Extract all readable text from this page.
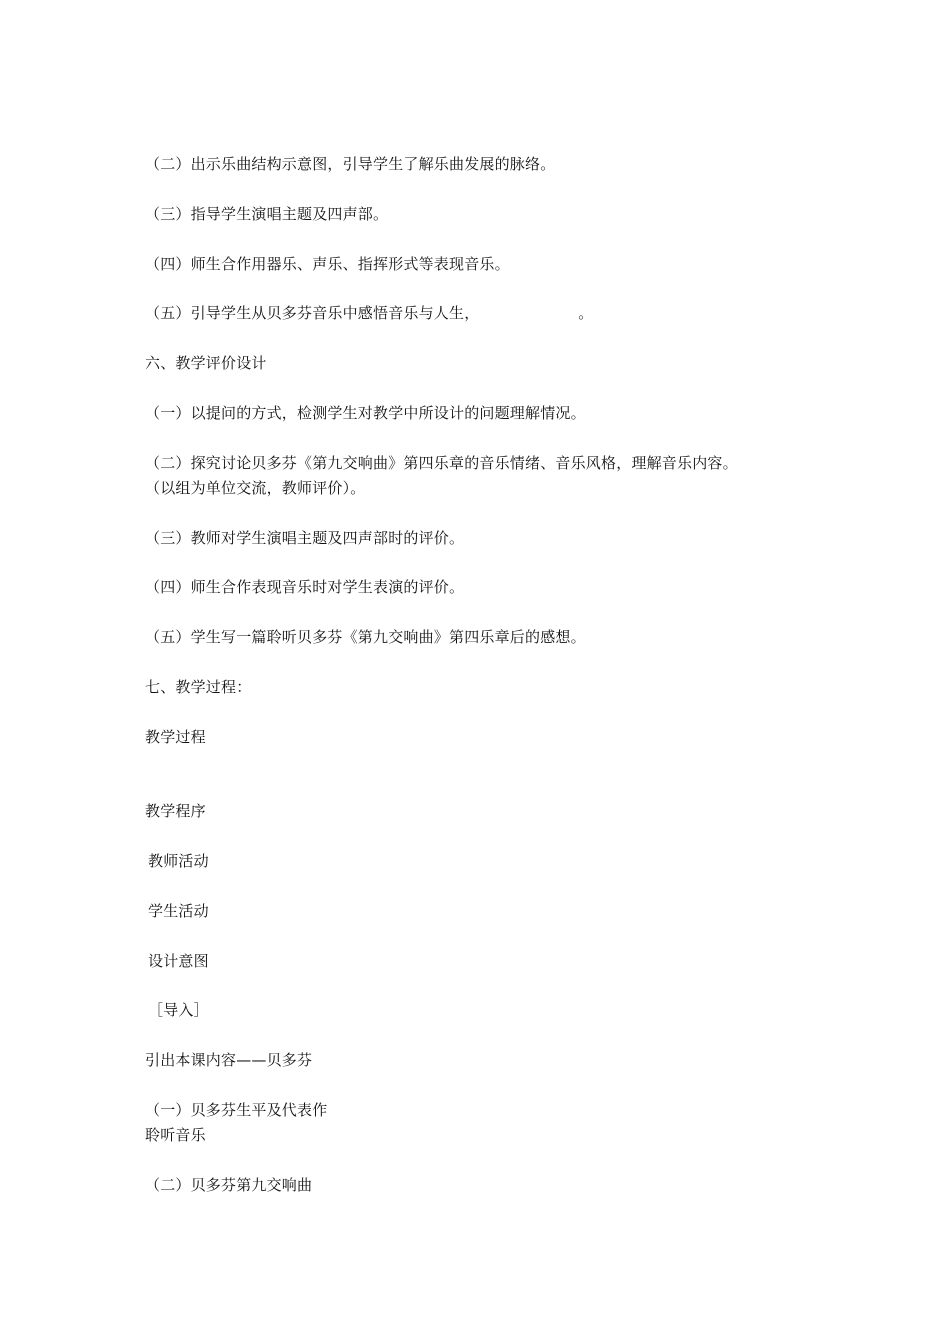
（二）出示乐曲结构示意图，引导学生了解乐曲发展的脉络。
（三）指导学生演唱主题及四声部。
（四）师生合作用器乐、声乐、指挥形式等表现音乐。
（五）引导学生从贝多芬音乐中感悟音乐与人生，　　　　　　　。
六、教学评价设计
（一）以提问的方式，检测学生对教学中所设计的问题理解情况。
（二）探究讨论贝多芬《第九交响曲》第四乐章的音乐情绪、音乐风格，理解音乐内容。
（以组为单位交流，教师评价）。
（三）教师对学生演唱主题及四声部时的评价。
（四）师生合作表现音乐时对学生表演的评价。
（五）学生写一篇聆听贝多芬《第九交响曲》第四乐章后的感想。
七、教学过程：
教学过程
教学程序
教师活动
学生活动
设计意图
［导入］
引出本课内容——贝多芬
（一）贝多芬生平及代表作
聆听音乐
（二）贝多芬第九交响曲
